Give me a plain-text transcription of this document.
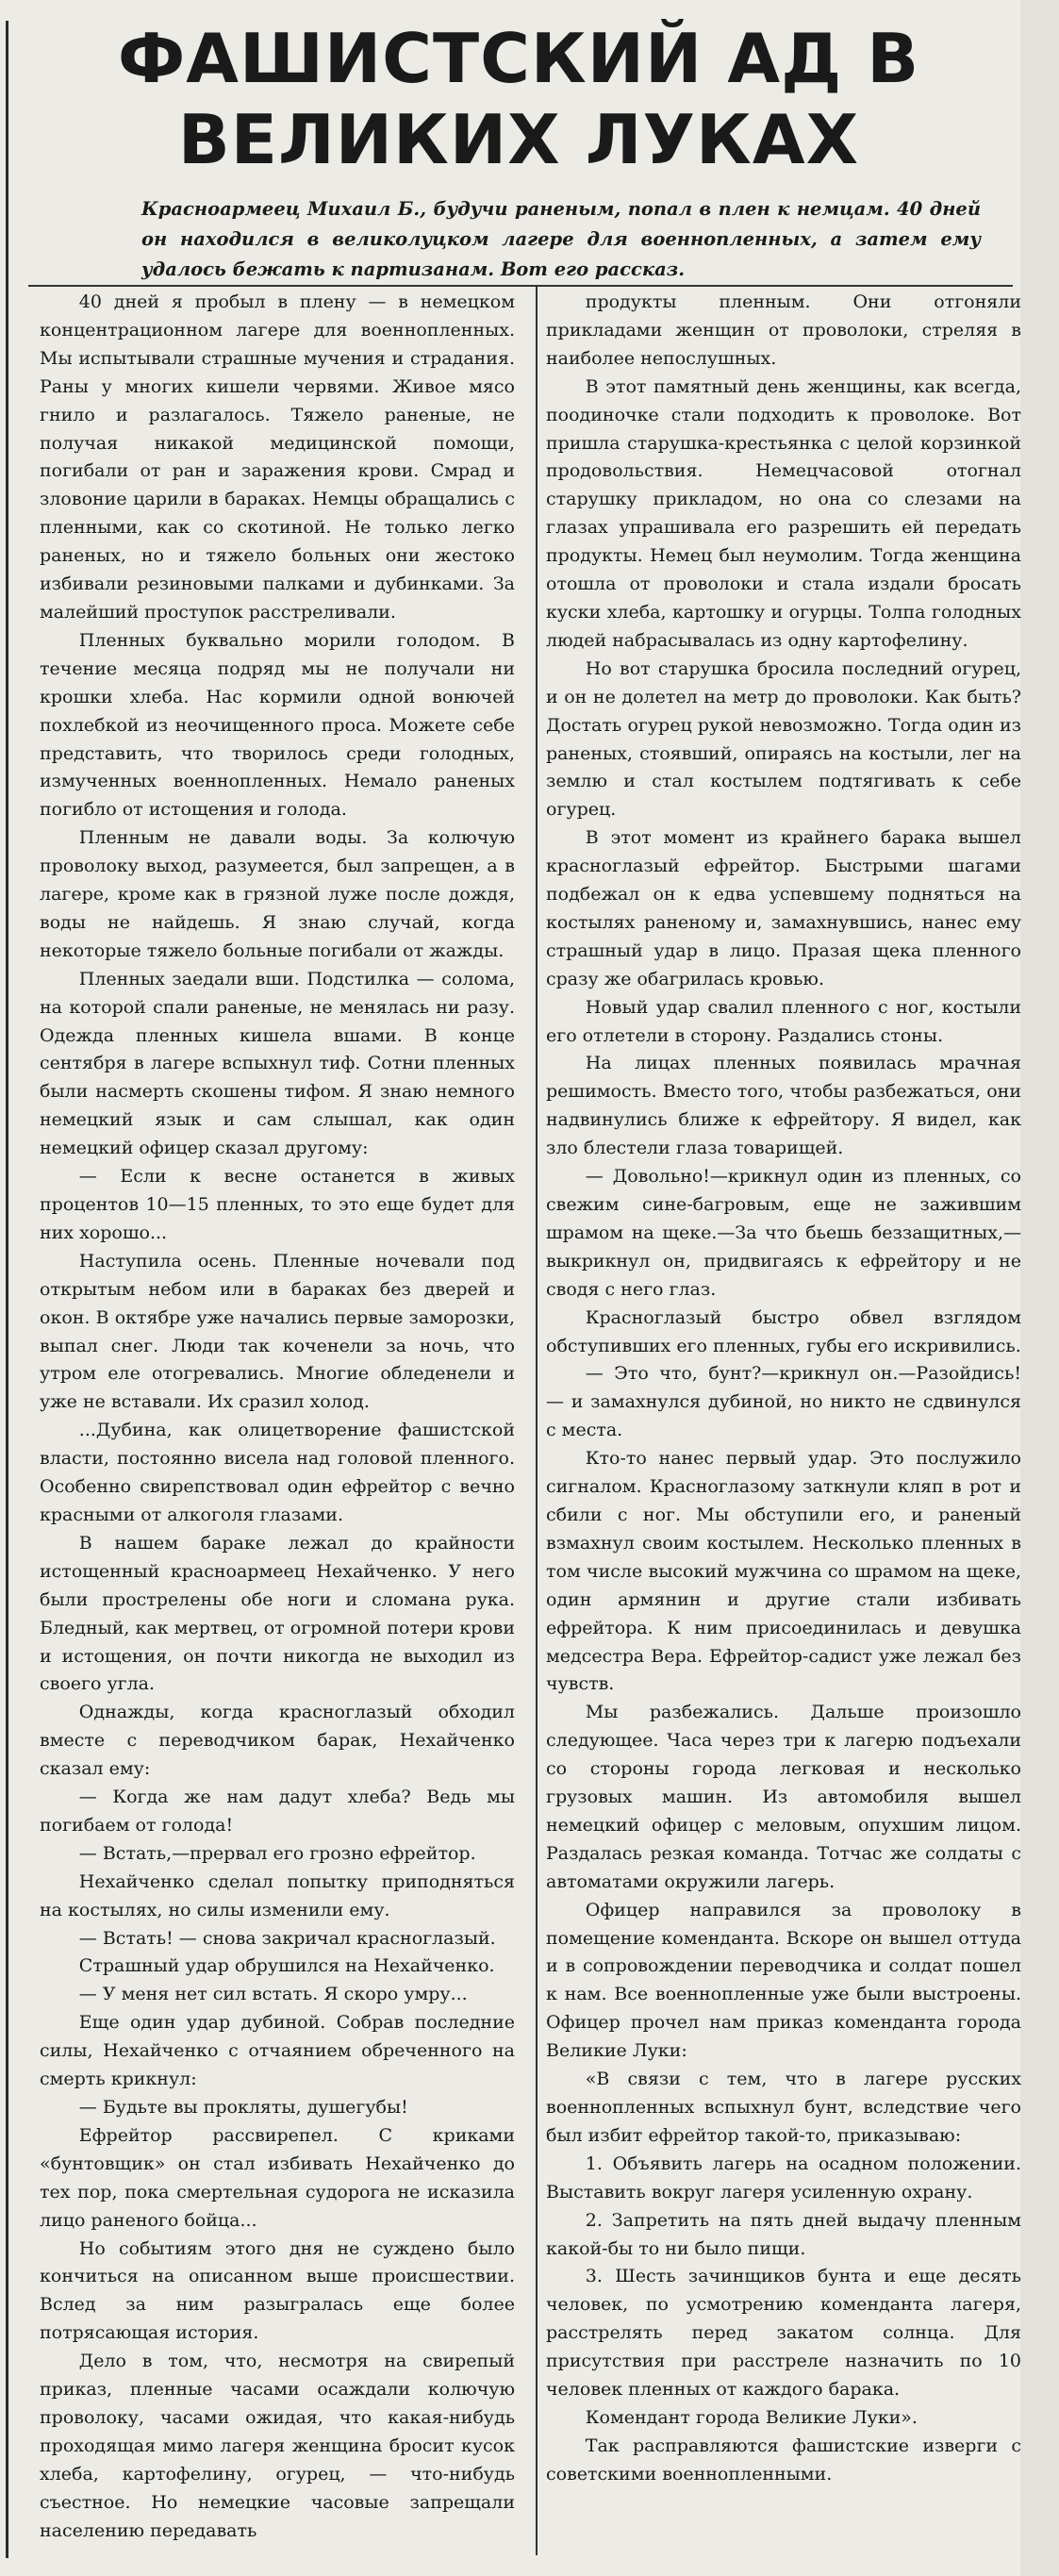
ФАШИСТСКИЙ АД В
ВЕЛИКИХ ЛУКАХ

Красноармеец Михаил Б., будучи раненым, попал в плен к немцам. 40 дней он находился в великолуцком лагере для военнопленных, а затем ему удалось бежать к партизанам. Вот его рассказ.

40 дней я пробыл в плену — в немецком концентрационном лагере для военнопленных. Мы испытывали страшные мучения и страдания. Раны у многих кишели червями. Живое мясо гнило и разлагалось. Тяжело раненые, не получая никакой медицинской помощи, погибали от ран и заражения крови. Смрад и зловоние царили в бараках. Немцы обращались с пленными, как со скотиной. Не только легко раненых, но и тяжело больных они жестоко избивали резиновыми палками и дубинками. За малейший проступок расстреливали.

Пленных буквально морили голодом. В течение месяца подряд мы не получали ни крошки хлеба. Нас кормили одной вонючей похлебкой из неочищенного проса. Можете себе представить, что творилось среди голодных, измученных военнопленных. Немало раненых погибло от истощения и голода.

Пленным не давали воды. За колючую проволоку выход, разумеется, был запрещен, а в лагере, кроме как в грязной луже после дождя, воды не найдешь. Я знаю случай, когда некоторые тяжело больные погибали от жажды.

Пленных заедали вши. Подстилка — солома, на которой спали раненые, не менялась ни разу. Одежда пленных кишела вшами. В конце сентября в лагере вспыхнул тиф. Сотни пленных были насмерть скошены тифом. Я знаю немного немецкий язык и сам слышал, как один немецкий офицер сказал другому:

— Если к весне останется в живых процентов 10—15 пленных, то это еще будет для них хорошо...

Наступила осень. Пленные ночевали под открытым небом или в бараках без дверей и окон. В октябре уже начались первые заморозки, выпал снег. Люди так коченели за ночь, что утром еле отогревались. Многие обледенели и уже не вставали. Их сразил холод.

...Дубина, как олицетворение фашистской власти, постоянно висела над головой пленного. Особенно свирепствовал один ефрейтор с вечно красными от алкоголя глазами.

В нашем бараке лежал до крайности истощенный красноармеец Нехайченко. У него были прострелены обе ноги и сломана рука. Бледный, как мертвец, от огромной потери крови и истощения, он почти никогда не выходил из своего угла.

Однажды, когда красноглазый обходил вместе с переводчиком барак, Нехайченко сказал ему:

— Когда же нам дадут хлеба? Ведь мы погибаем от голода!

— Встать,—прервал его грозно ефрейтор.

Нехайченко сделал попытку приподняться на костылях, но силы изменили ему.

— Встать! — снова закричал красноглазый.

Страшный удар обрушился на Нехайченко.

— У меня нет сил встать. Я скоро умру...

Еще один удар дубиной. Собрав последние силы, Нехайченко с отчаянием обреченного на смерть крикнул:

— Будьте вы прокляты, душегубы!

Ефрейтор рассвирепел. С криками «бунтовщик» он стал избивать Нехайченко до тех пор, пока смертельная судорога не исказила лицо раненого бойца...

Но событиям этого дня не суждено было кончиться на описанном выше происшествии. Вслед за ним разыгралась еще более потрясающая история.

Дело в том, что, несмотря на свирепый приказ, пленные часами осаждали колючую проволоку, часами ожидая, что какая-нибудь проходящая мимо лагеря женщина бросит кусок хлеба, картофелину, огурец, — что-нибудь съестное. Но немецкие часовые запрещали населению передавать

продукты пленным. Они отгоняли прикладами женщин от проволоки, стреляя в наиболее непослушных.

В этот памятный день женщины, как всегда, поодиночке стали подходить к проволоке. Вот пришла старушка-крестьянка с целой корзинкой продовольствия. Немецчасовой отогнал старушку прикладом, но она со слезами на глазах упрашивала его разрешить ей передать продукты. Немец был неумолим. Тогда женщина отошла от проволоки и стала издали бросать куски хлеба, картошку и огурцы. Толпа голодных людей набрасывалась из одну картофелину.

Но вот старушка бросила последний огурец, и он не долетел на метр до проволоки. Как быть? Достать огурец рукой невозможно. Тогда один из раненых, стоявший, опираясь на костыли, лег на землю и стал костылем подтягивать к себе огурец.

В этот момент из крайнего барака вышел красноглазый ефрейтор. Быстрыми шагами подбежал он к едва успевшему подняться на костылях раненому и, замахнувшись, нанес ему страшный удар в лицо. Празая щека пленного сразу же обагрилась кровью.

Новый удар свалил пленного с ног, костыли его отлетели в сторону. Раздались стоны.

На лицах пленных появилась мрачная решимость. Вместо того, чтобы разбежаться, они надвинулись ближе к ефрейтору. Я видел, как зло блестели глаза товарищей.

— Довольно!—крикнул один из пленных, со свежим сине-багровым, еще не зажившим шрамом на щеке.—За что бьешь беззащитных,—выкрикнул он, придвигаясь к ефрейтору и не сводя с него глаз.

Красноглазый быстро обвел взглядом обступивших его пленных, губы его искривились.

— Это что, бунт?—крикнул он.—Разойдись! — и замахнулся дубиной, но никто не сдвинулся с места.

Кто-то нанес первый удар. Это послужило сигналом. Красноглазому заткнули кляп в рот и сбили с ног. Мы обступили его, и раненый взмахнул своим костылем. Несколько пленных в том числе высокий мужчина со шрамом на щеке, один армянин и другие стали избивать ефрейтора. К ним присоединилась и девушка медсестра Вера. Ефрейтор-садист уже лежал без чувств.

Мы разбежались. Дальше произошло следующее. Часа через три к лагерю подъехали со стороны города легковая и несколько грузовых машин. Из автомобиля вышел немецкий офицер с меловым, опухшим лицом. Раздалась резкая команда. Тотчас же солдаты с автоматами окружили лагерь.

Офицер направился за проволоку в помещение коменданта. Вскоре он вышел оттуда и в сопровождении переводчика и солдат пошел к нам. Все военнопленные уже были выстроены. Офицер прочел нам приказ коменданта города Великие Луки:

«В связи с тем, что в лагере русских военнопленных вспыхнул бунт, вследствие чего был избит ефрейтор такой-то, приказываю:

1. Объявить лагерь на осадном положении. Выставить вокруг лагеря усиленную охрану.

2. Запретить на пять дней выдачу пленным какой-бы то ни было пищи.

3. Шесть зачинщиков бунта и еще десять человек, по усмотрению коменданта лагеря, расстрелять перед закатом солнца. Для присутствия при расстреле назначить по 10 человек пленных от каждого барака.

Комендант города Великие Луки».

Так расправляются фашистские изверги с советскими военнопленными.
